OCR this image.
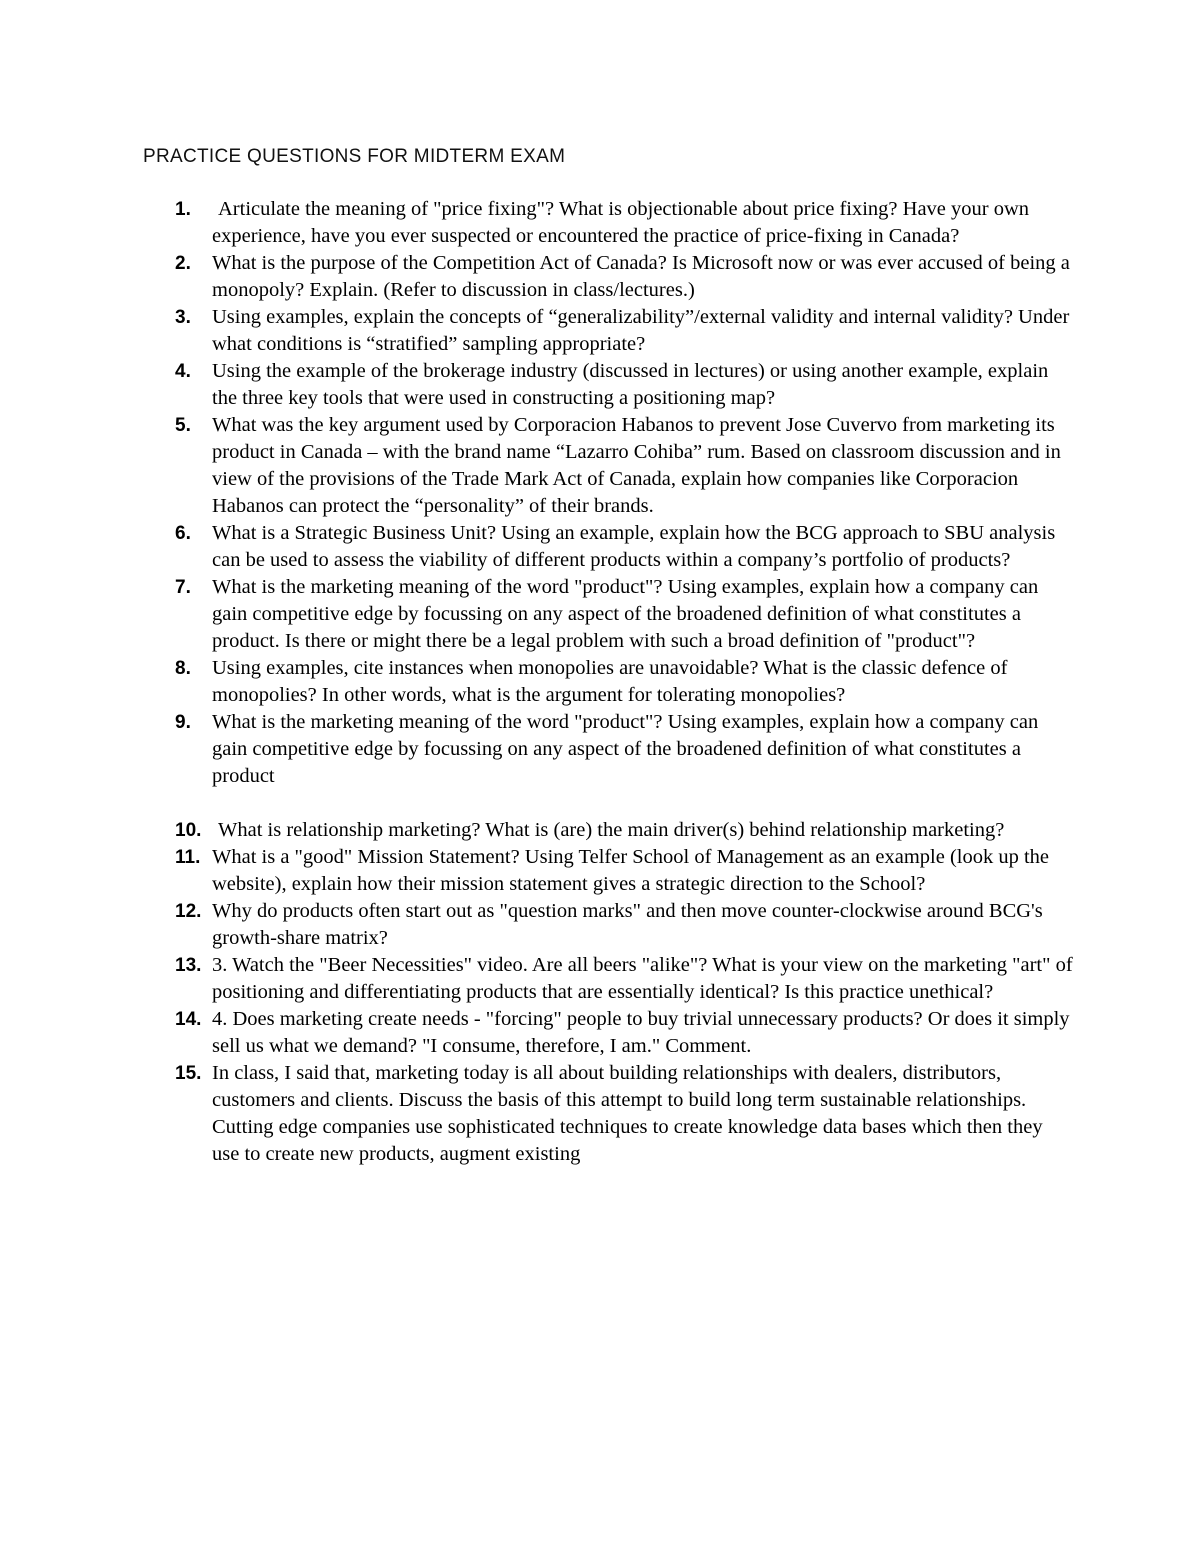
PRACTICE QUESTIONS FOR MIDTERM EXAM
1. Articulate the meaning of "price fixing"? What is objectionable about price fixing? Have your own experience, have you ever suspected or encountered the practice of price-fixing in Canada?
2. What is the purpose of the Competition Act of Canada? Is Microsoft now or was ever accused of being a monopoly? Explain. (Refer to discussion in class/lectures.)
3. Using examples, explain the concepts of “generalizability”/external validity and internal validity? Under what conditions is “stratified” sampling appropriate?
4. Using the example of the brokerage industry (discussed in lectures) or using another example, explain the three key tools that were used in constructing a positioning map?
5. What was the key argument used by Corporacion Habanos to prevent Jose Cuvervo from marketing its product in Canada – with the brand name “Lazarro Cohiba” rum. Based on classroom discussion and in view of the provisions of the Trade Mark Act of Canada, explain how companies like Corporacion Habanos can protect the “personality” of their brands.
6. What is a Strategic Business Unit? Using an example, explain how the BCG approach to SBU analysis can be used to assess the viability of different products within a company’s portfolio of products?
7. What is the marketing meaning of the word "product"? Using examples, explain how a company can gain competitive edge by focussing on any aspect of the broadened definition of what constitutes a product. Is there or might there be a legal problem with such a broad definition of "product"?
8. Using examples, cite instances when monopolies are unavoidable? What is the classic defence of monopolies? In other words, what is the argument for tolerating monopolies?
9. What is the marketing meaning of the word "product"? Using examples, explain how a company can gain competitive edge by focussing on any aspect of the broadened definition of what constitutes a product
10. What is relationship marketing? What is (are) the main driver(s) behind relationship marketing?
11. What is a "good" Mission Statement? Using Telfer School of Management as an example (look up the website), explain how their mission statement gives a strategic direction to the School?
12. Why do products often start out as "question marks" and then move counter-clockwise around BCG's growth-share matrix?
13. 3. Watch the "Beer Necessities" video. Are all beers "alike"? What is your view on the marketing "art" of positioning and differentiating products that are essentially identical? Is this practice unethical?
14. 4. Does marketing create needs - "forcing" people to buy trivial unnecessary products? Or does it simply sell us what we demand? "I consume, therefore, I am." Comment.
15. In class, I said that, marketing today is all about building relationships with dealers, distributors, customers and clients. Discuss the basis of this attempt to build long term sustainable relationships. Cutting edge companies use sophisticated techniques to create knowledge data bases which then they use to create new products, augment existing
